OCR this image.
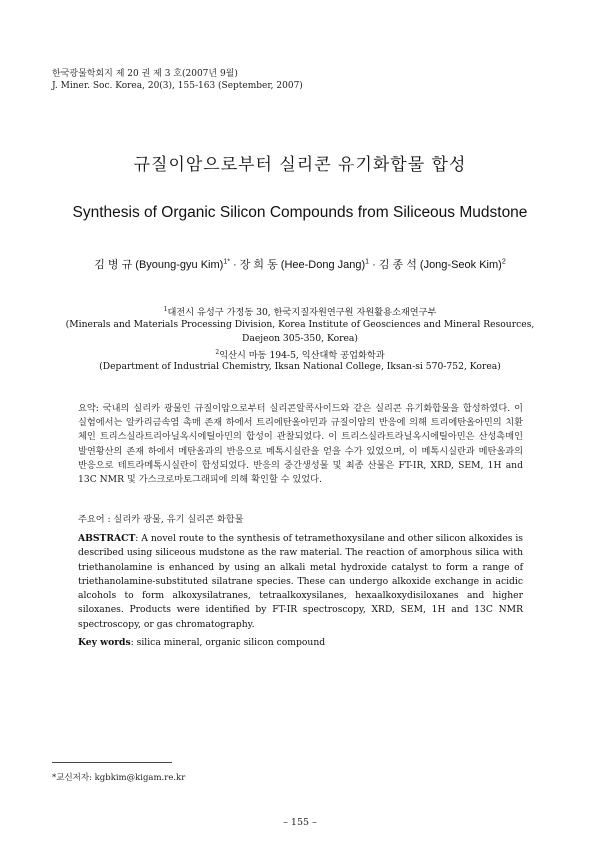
한국광물학회지 제 20 권 제 3 호(2007년 9월)
J. Miner. Soc. Korea, 20(3), 155-163 (September, 2007)
규질이암으로부터 실리콘 유기화합물 합성
Synthesis of Organic Silicon Compounds from Siliceous Mudstone
김 병 규 (Byoung-gyu Kim)$^{1*}$ · 장 희 동 (Hee-Dong Jang)$^1$ · 김 종 석 (Jong-Seok Kim)$^2$
$^1$대전시 유성구 가정동 30, 한국지질자원연구원 자원활용소재연구부
(Minerals and Materials Processing Division, Korea Institute of Geosciences and Mineral Resources,
Daejeon 305-350, Korea)
$^2$익산시 마동 194-5, 익산대학 공업화학과
(Department of Industrial Chemistry, Iksan National College, Iksan-si 570-752, Korea)
요약: 국내의 실리카 광물인 규질이암으로부터 실리콘알콕사이드와 같은 실리콘 유기화합물을 합성하였다. 이 실험에서는 알카리금속염 촉매 존재 하에서 트리에탄올아민과 규질이암의 반응에 의해 트리에탄올아민의 치환체인 트리스실라트리아닐옥시에틸아민의 합성이 관찰되었다. 이 트리스실라트라닐옥시에틸아민은 산성촉매인 발연황산의 존재 하에서 메탄올과의 반응으로 메톡시실란을 얻을 수가 있었으며, 이 메톡시실란과 메탄올과의 반응으로 테트라메톡시실란이 합성되었다. 반응의 중간생성물 및 최종 산물은 FT-IR, XRD, SEM, 1H and 13C NMR 및 가스크로마토그래피에 의해 확인할 수 있었다.
주요어 : 실리카 광물, 유기 실리콘 화합물
ABSTRACT: A novel route to the synthesis of tetramethoxysilane and other silicon alkoxides is described using siliceous mudstone as the raw material. The reaction of amorphous silica with triethanolamine is enhanced by using an alkali metal hydroxide catalyst to form a range of triethanolamine-substituted silatrane species. These can undergo alkoxide exchange in acidic alcohols to form alkoxysilatranes, tetraalkoxysilanes, hexaalkoxydisiloxanes and higher siloxanes. Products were identified by FT-IR spectroscopy, XRD, SEM, 1H and 13C NMR spectroscopy, or gas chromatography.
Key words: silica mineral, organic silicon compound
*교신저자: kgbkim@kigam.re.kr
– 155 –
